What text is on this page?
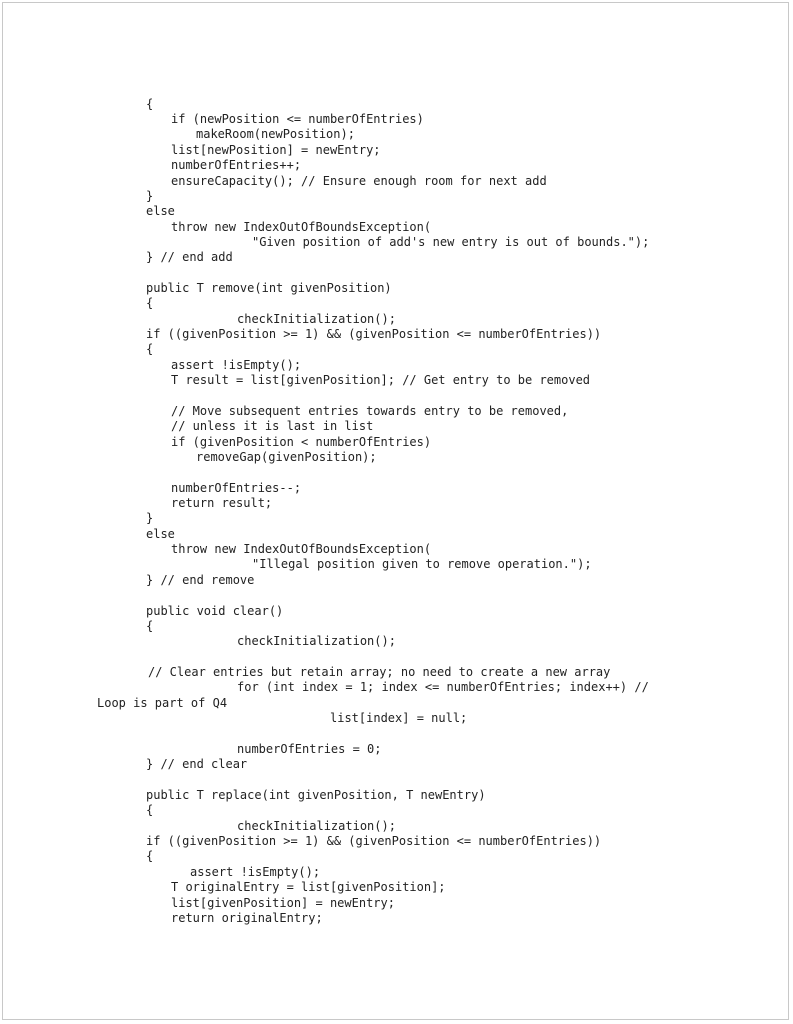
{
if (newPosition <= numberOfEntries)
makeRoom(newPosition);
list[newPosition] = newEntry;
numberOfEntries++;
ensureCapacity(); // Ensure enough room for next add
}
else
throw new IndexOutOfBoundsException(
"Given position of add's new entry is out of bounds.");
} // end add
public T remove(int givenPosition)
{
checkInitialization();
if ((givenPosition >= 1) && (givenPosition <= numberOfEntries))
{
assert !isEmpty();
T result = list[givenPosition]; // Get entry to be removed
// Move subsequent entries towards entry to be removed,
// unless it is last in list
if (givenPosition < numberOfEntries)
removeGap(givenPosition);
numberOfEntries--;
return result;
}
else
throw new IndexOutOfBoundsException(
"Illegal position given to remove operation.");
} // end remove
public void clear()
{
checkInitialization();
// Clear entries but retain array; no need to create a new array
for (int index = 1; index <= numberOfEntries; index++) //
Loop is part of Q4
list[index] = null;
numberOfEntries = 0;
} // end clear
public T replace(int givenPosition, T newEntry)
{
checkInitialization();
if ((givenPosition >= 1) && (givenPosition <= numberOfEntries))
{
assert !isEmpty();
T originalEntry = list[givenPosition];
list[givenPosition] = newEntry;
return originalEntry;
